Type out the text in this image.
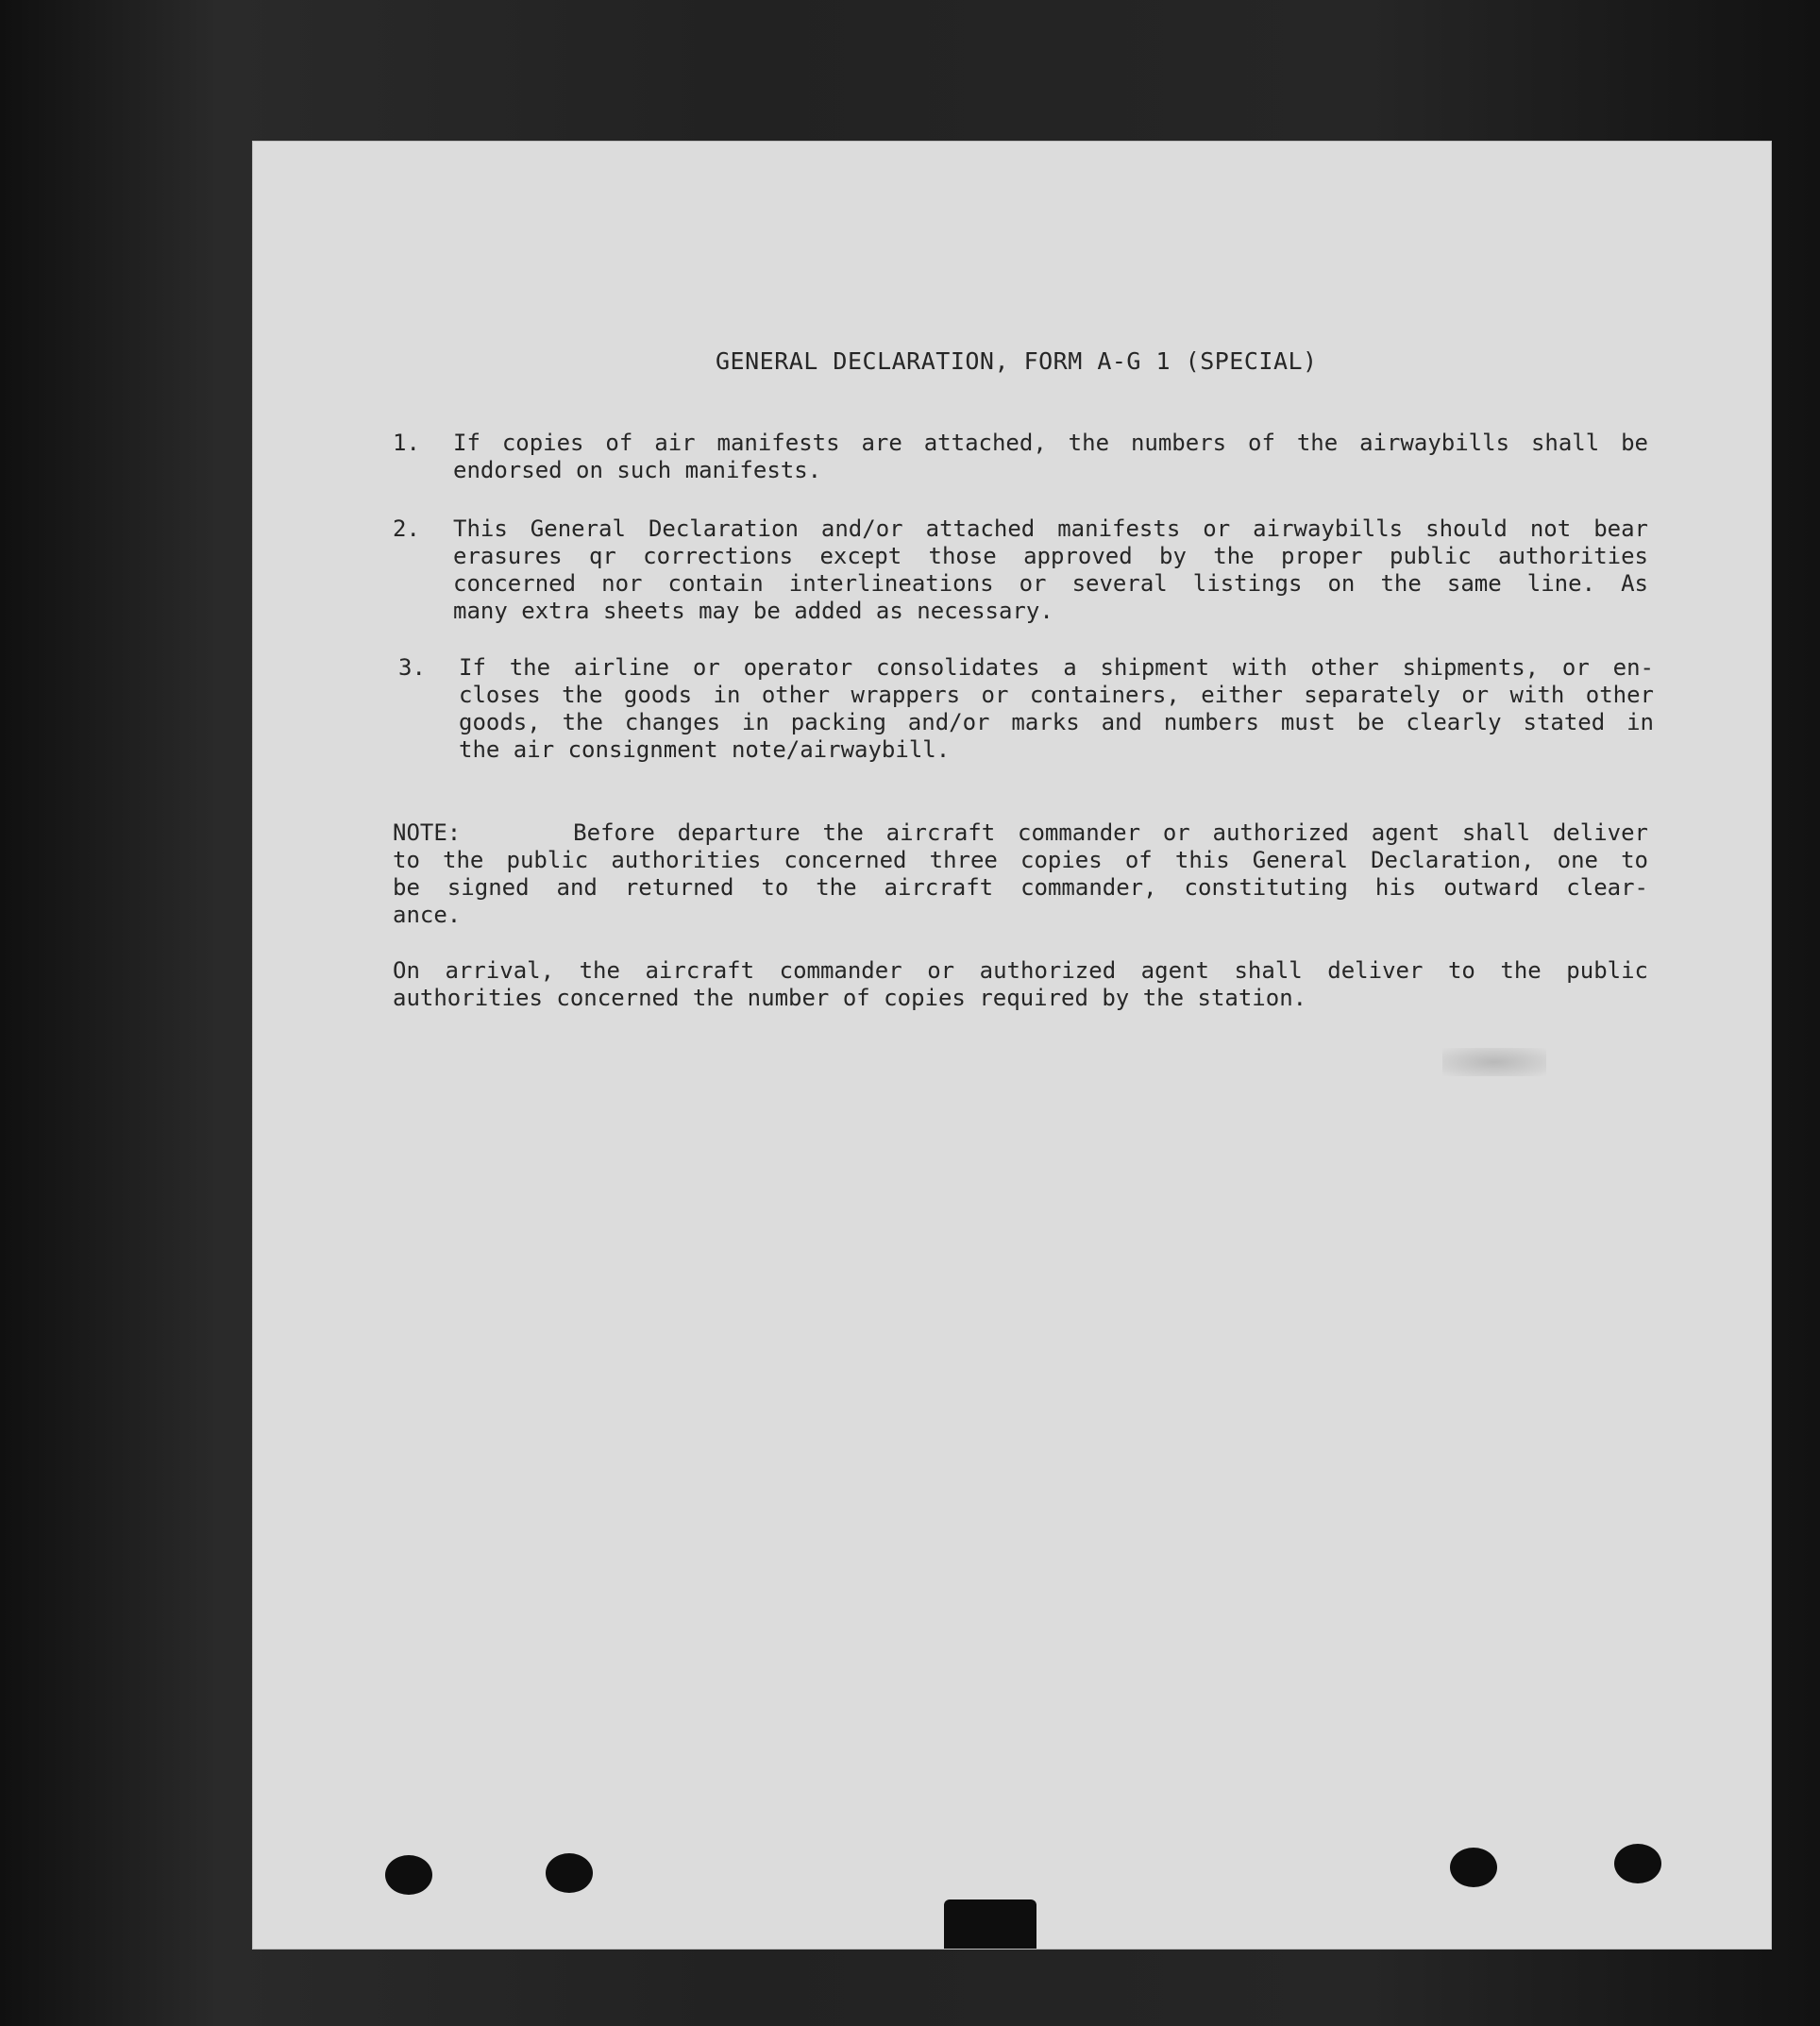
GENERAL DECLARATION, FORM A-G 1 (SPECIAL)
1. If copies of air manifests are attached, the numbers of the airwaybills shall be
endorsed on such manifests.
2. This General Declaration and/or attached manifests or airwaybills should not bear
erasures qr corrections except those approved by the proper public authorities
concerned nor contain interlineations or several listings on the same line. As
many extra sheets may be added as necessary.
3. If the airline or operator consolidates a shipment with other shipments, or en-
closes the goods in other wrappers or containers, either separately or with other
goods, the changes in packing and/or marks and numbers must be clearly stated in
the air consignment note/airwaybill.
NOTE:     Before departure the aircraft commander or authorized agent shall deliver
to the public authorities concerned three copies of this General Declaration, one to
be signed and returned to the aircraft commander, constituting his outward clear-
ance.
On arrival, the aircraft commander or authorized agent shall deliver to the public
authorities concerned the number of copies required by the station.
